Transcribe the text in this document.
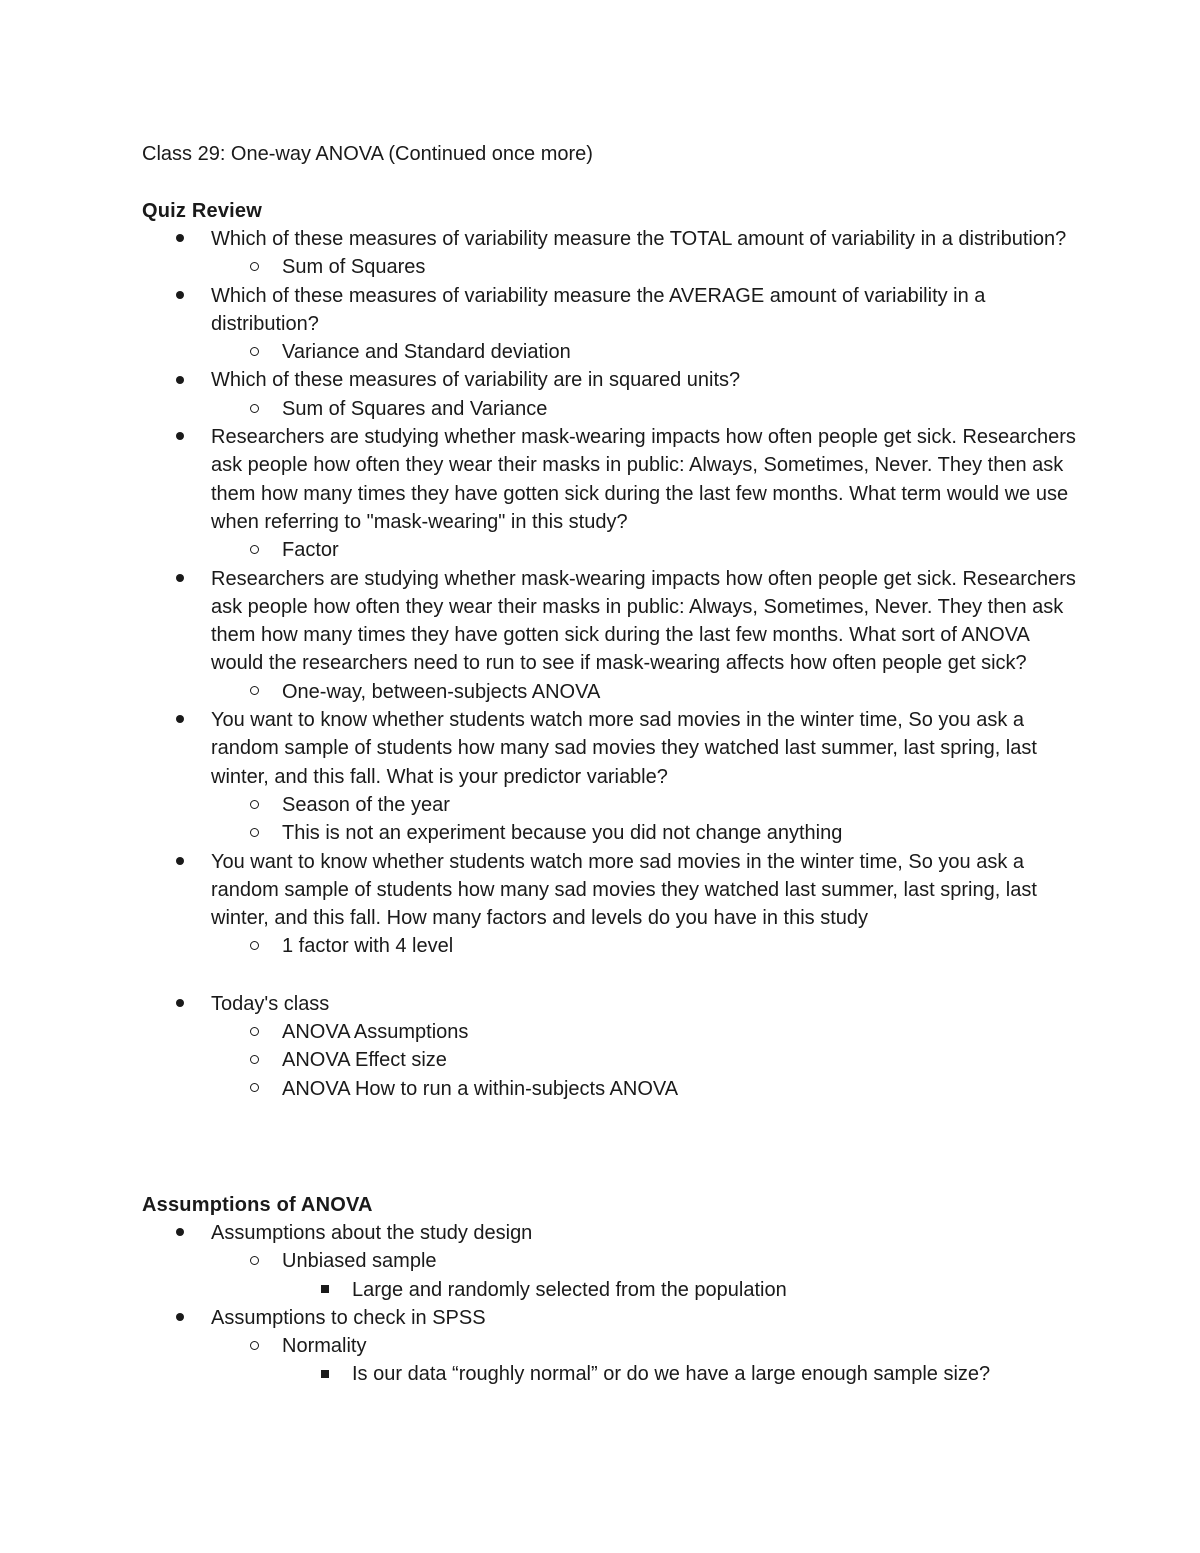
Class 29: One-way ANOVA (Continued once more)
Quiz Review
Which of these measures of variability measure the TOTAL amount of variability in a distribution?
Sum of Squares
Which of these measures of variability measure the AVERAGE amount of variability in a distribution?
Variance and Standard deviation
Which of these measures of variability are in squared units?
Sum of Squares and Variance
Researchers are studying whether mask-wearing impacts how often people get sick. Researchers ask people how often they wear their masks in public: Always, Sometimes, Never. They then ask them how many times they have gotten sick during the last few months. What term would we use when referring to "mask-wearing" in this study?
Factor
Researchers are studying whether mask-wearing impacts how often people get sick. Researchers ask people how often they wear their masks in public: Always, Sometimes, Never. They then ask them how many times they have gotten sick during the last few months. What sort of ANOVA would the researchers need to run to see if mask-wearing affects how often people get sick?
One-way, between-subjects ANOVA
You want to know whether students watch more sad movies in the winter time, So you ask a random sample of students how many sad movies they watched last summer, last spring, last winter, and this fall. What is your predictor variable?
Season of the year
This is not an experiment because you did not change anything
You want to know whether students watch more sad movies in the winter time, So you ask a random sample of students how many sad movies they watched last summer, last spring, last winter, and this fall. How many factors and levels do you have in this study
1 factor with 4 level
Today's class
ANOVA Assumptions
ANOVA Effect size
ANOVA How to run a within-subjects ANOVA
Assumptions of ANOVA
Assumptions about the study design
Unbiased sample
Large and randomly selected from the population
Assumptions to check in SPSS
Normality
Is our data “roughly normal” or do we have a large enough sample size?
